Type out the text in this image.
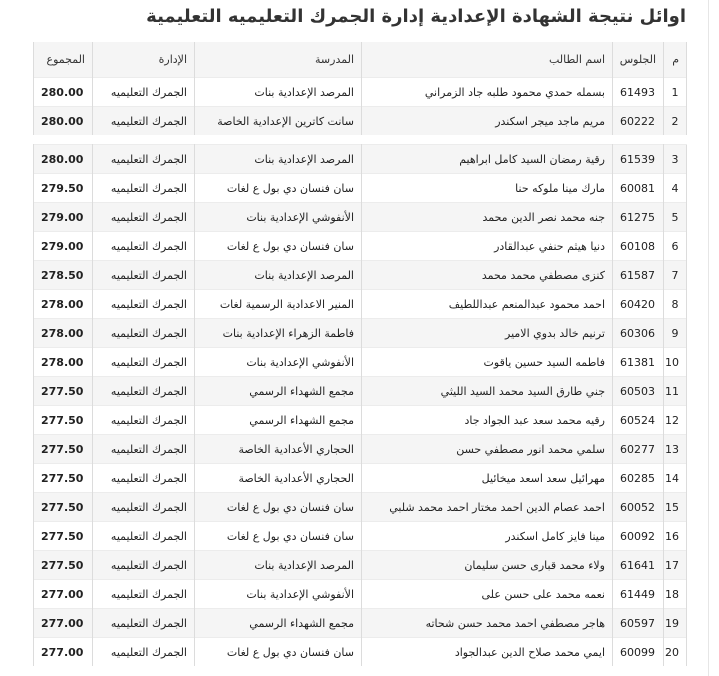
اوائل نتيجة الشهادة الإعدادية إدارة الجمرك التعليميه التعليمية
م	الجلوس	اسم الطالب	المدرسة	الإدارة	المجموع
1	61493	بسمله حمدي محمود طلبه جاد الزمراني	المرصد الإعدادية بنات	الجمرك التعليميه	280.00
2	60222	مريم ماجد ميجر اسكندر	سانت كاترين الإعدادية الخاصة	الجمرك التعليميه	280.00

3	61539	رقية رمضان السيد كامل ابراهيم	المرصد الإعدادية بنات	الجمرك التعليميه	280.00
4	60081	مارك مينا ملوكه حنا	سان فنسان دي بول ع لغات	الجمرك التعليميه	279.50
5	61275	جنه محمد نصر الدين محمد	الأنفوشي الإعدادية بنات	الجمرك التعليميه	279.00
6	60108	دنيا هيثم حنفي عبدالقادر	سان فنسان دي بول ع لغات	الجمرك التعليميه	279.00
7	61587	كنزى مصطفي محمد محمد	المرصد الإعدادية بنات	الجمرك التعليميه	278.50
8	60420	احمد محمود عبدالمنعم عبداللطيف	المنير الاعدادية الرسمية لغات	الجمرك التعليميه	278.00
9	60306	ترنيم خالد بدوي الامير	فاطمة الزهراء الإعدادية بنات	الجمرك التعليميه	278.00
10	61381	فاطمه السيد حسين ياقوت	الأنفوشي الإعدادية بنات	الجمرك التعليميه	278.00
11	60503	جني طارق السيد محمد السيد الليثي	مجمع الشهداء الرسمي	الجمرك التعليميه	277.50
12	60524	رقيه محمد سعد عبد الجواد جاد	مجمع الشهداء الرسمي	الجمرك التعليميه	277.50
13	60277	سلمي محمد انور مصطفي حسن	الحجاري الأعدادية الخاصة	الجمرك التعليميه	277.50
14	60285	مهرائيل سعد اسعد ميخائيل	الحجاري الأعدادية الخاصة	الجمرك التعليميه	277.50
15	60052	احمد عصام الدين احمد مختار احمد محمد شلبي	سان فنسان دي بول ع لغات	الجمرك التعليميه	277.50
16	60092	مينا فايز كامل اسكندر	سان فنسان دي بول ع لغات	الجمرك التعليميه	277.50
17	61641	ولاء محمد قبارى حسن سليمان	المرصد الإعدادية بنات	الجمرك التعليميه	277.50
18	61449	نعمه محمد على حسن على	الأنفوشي الإعدادية بنات	الجمرك التعليميه	277.00
19	60597	هاجر مصطفي احمد محمد حسن شحاته	مجمع الشهداء الرسمي	الجمرك التعليميه	277.00
20	60099	ايمي محمد صلاح الدين عبدالجواد	سان فنسان دي بول ع لغات	الجمرك التعليميه	277.00
